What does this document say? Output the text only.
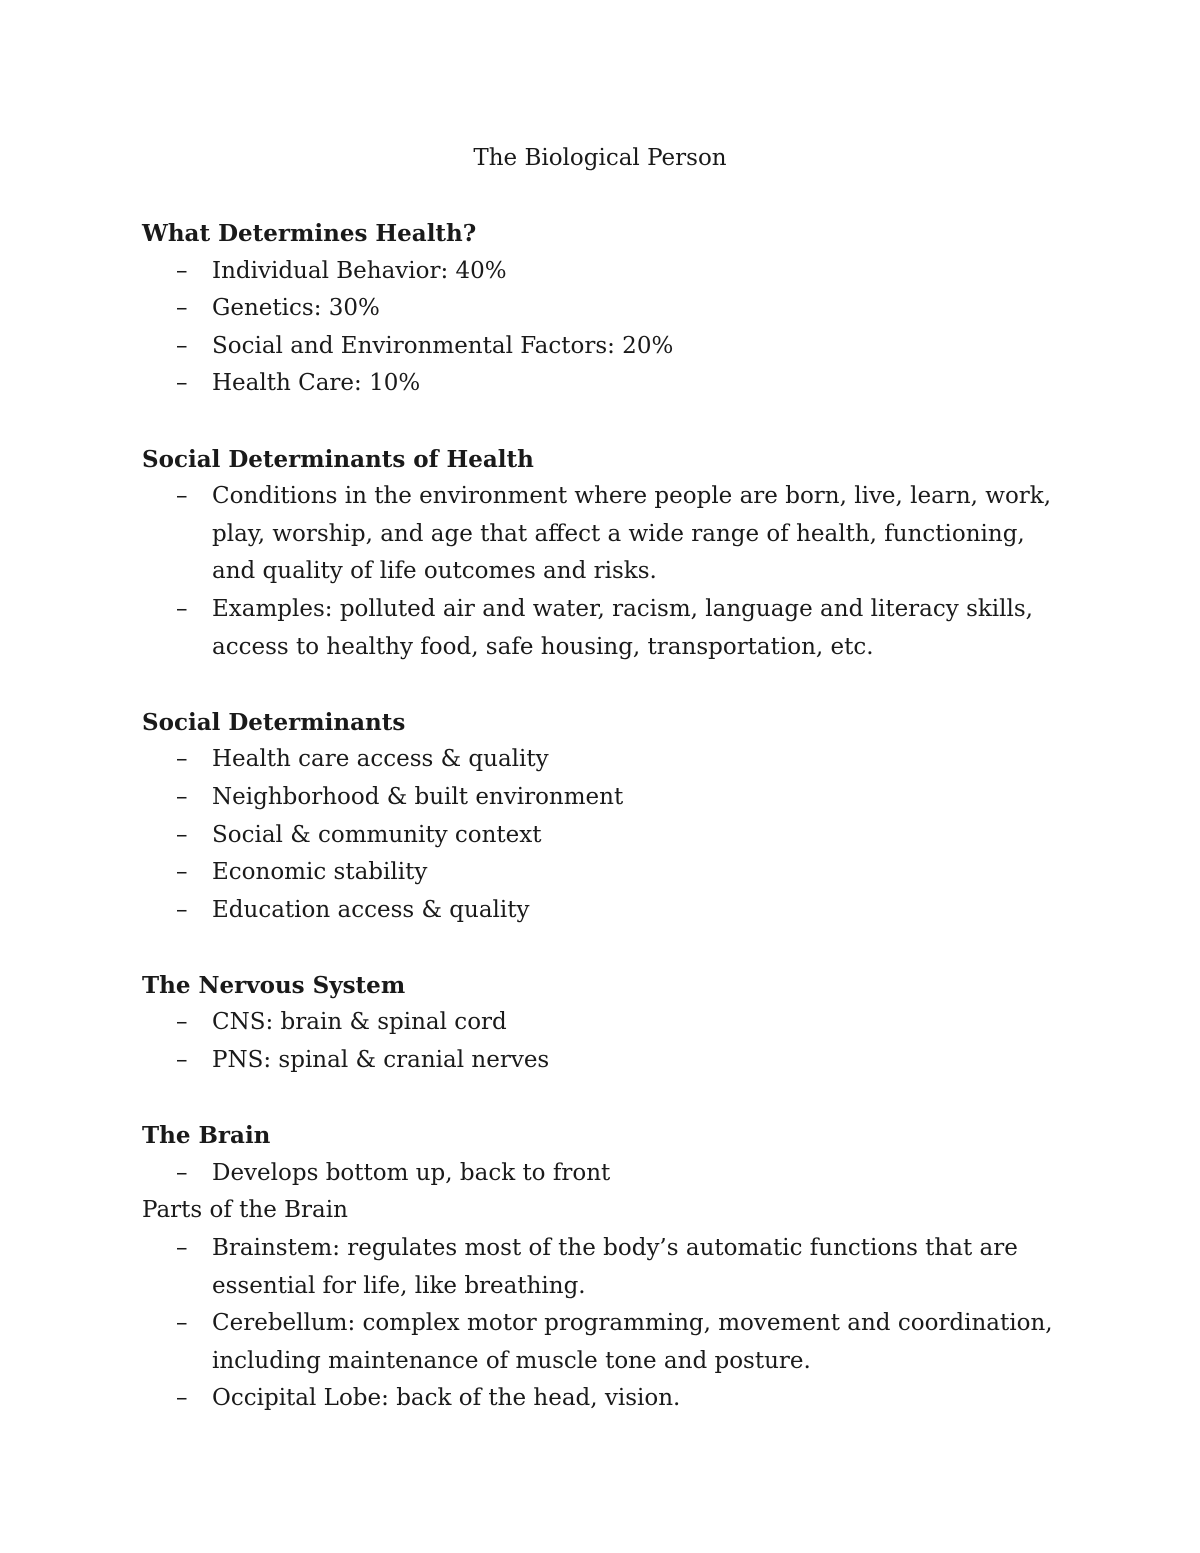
The Biological Person
What Determines Health?
– Individual Behavior: 40%
– Genetics: 30%
– Social and Environmental Factors: 20%
– Health Care: 10%
Social Determinants of Health
– Conditions in the environment where people are born, live, learn, work, play, worship, and age that affect a wide range of health, functioning, and quality of life outcomes and risks.
– Examples: polluted air and water, racism, language and literacy skills, access to healthy food, safe housing, transportation, etc.
Social Determinants
– Health care access & quality
– Neighborhood & built environment
– Social & community context
– Economic stability
– Education access & quality
The Nervous System
– CNS: brain & spinal cord
– PNS: spinal & cranial nerves
The Brain
– Develops bottom up, back to front

Parts of the Brain

– Brainstem: regulates most of the body’s automatic functions that are essential for life, like breathing.
– Cerebellum: complex motor programming, movement and coordination, including maintenance of muscle tone and posture.
– Occipital Lobe: back of the head, vision.
